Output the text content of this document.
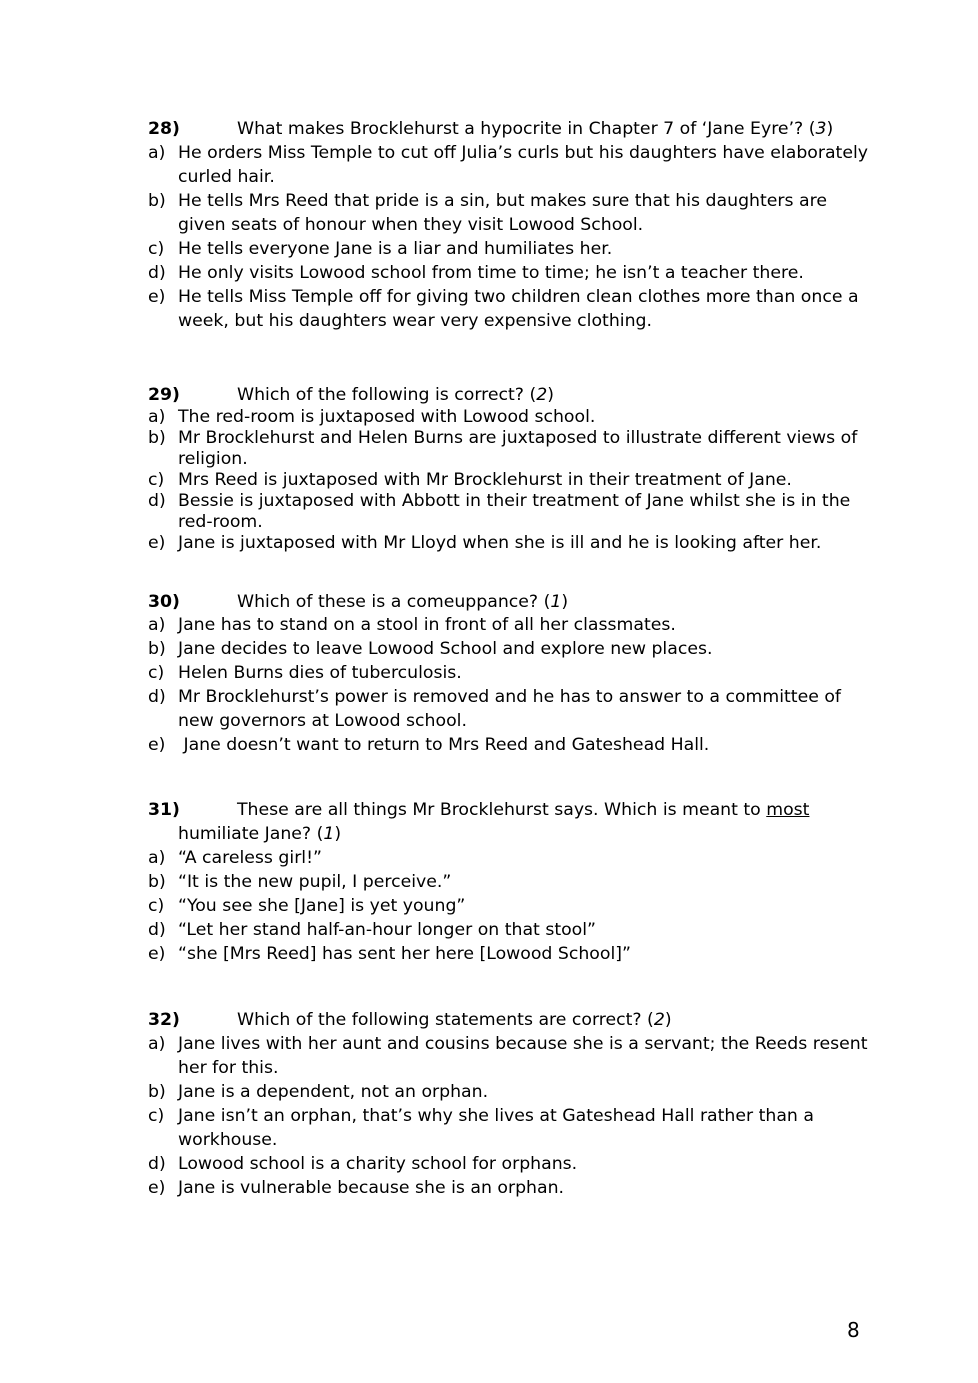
28)	What makes Brocklehurst a hypocrite in Chapter 7 of ‘Jane Eyre’? (3)
a) He orders Miss Temple to cut off Julia’s curls but his daughters have elaborately curled hair.
b) He tells Mrs Reed that pride is a sin, but makes sure that his daughters are given seats of honour when they visit Lowood School.
c) He tells everyone Jane is a liar and humiliates her.
d) He only visits Lowood school from time to time; he isn’t a teacher there.
e) He tells Miss Temple off for giving two children clean clothes more than once a week, but his daughters wear very expensive clothing.
29)	Which of the following is correct? (2)
a) The red-room is juxtaposed with Lowood school.
b) Mr Brocklehurst and Helen Burns are juxtaposed to illustrate different views of religion.
c) Mrs Reed is juxtaposed with Mr Brocklehurst in their treatment of Jane.
d) Bessie is juxtaposed with Abbott in their treatment of Jane whilst she is in the red-room.
e) Jane is juxtaposed with Mr Lloyd when she is ill and he is looking after her.
30)	Which of these is a comeuppance? (1)
a) Jane has to stand on a stool in front of all her classmates.
b) Jane decides to leave Lowood School and explore new places.
c) Helen Burns dies of tuberculosis.
d) Mr Brocklehurst’s power is removed and he has to answer to a committee of new governors at Lowood school.
e) Jane doesn’t want to return to Mrs Reed and Gateshead Hall.
31)	These are all things Mr Brocklehurst says. Which is meant to most humiliate Jane? (1)
a) “A careless girl!”
b) “It is the new pupil, I perceive.”
c) “You see she [Jane] is yet young”
d) “Let her stand half-an-hour longer on that stool”
e) “she [Mrs Reed] has sent her here [Lowood School]”
32)	Which of the following statements are correct? (2)
a) Jane lives with her aunt and cousins because she is a servant; the Reeds resent her for this.
b) Jane is a dependent, not an orphan.
c) Jane isn’t an orphan, that’s why she lives at Gateshead Hall rather than a workhouse.
d) Lowood school is a charity school for orphans.
e) Jane is vulnerable because she is an orphan.
8
